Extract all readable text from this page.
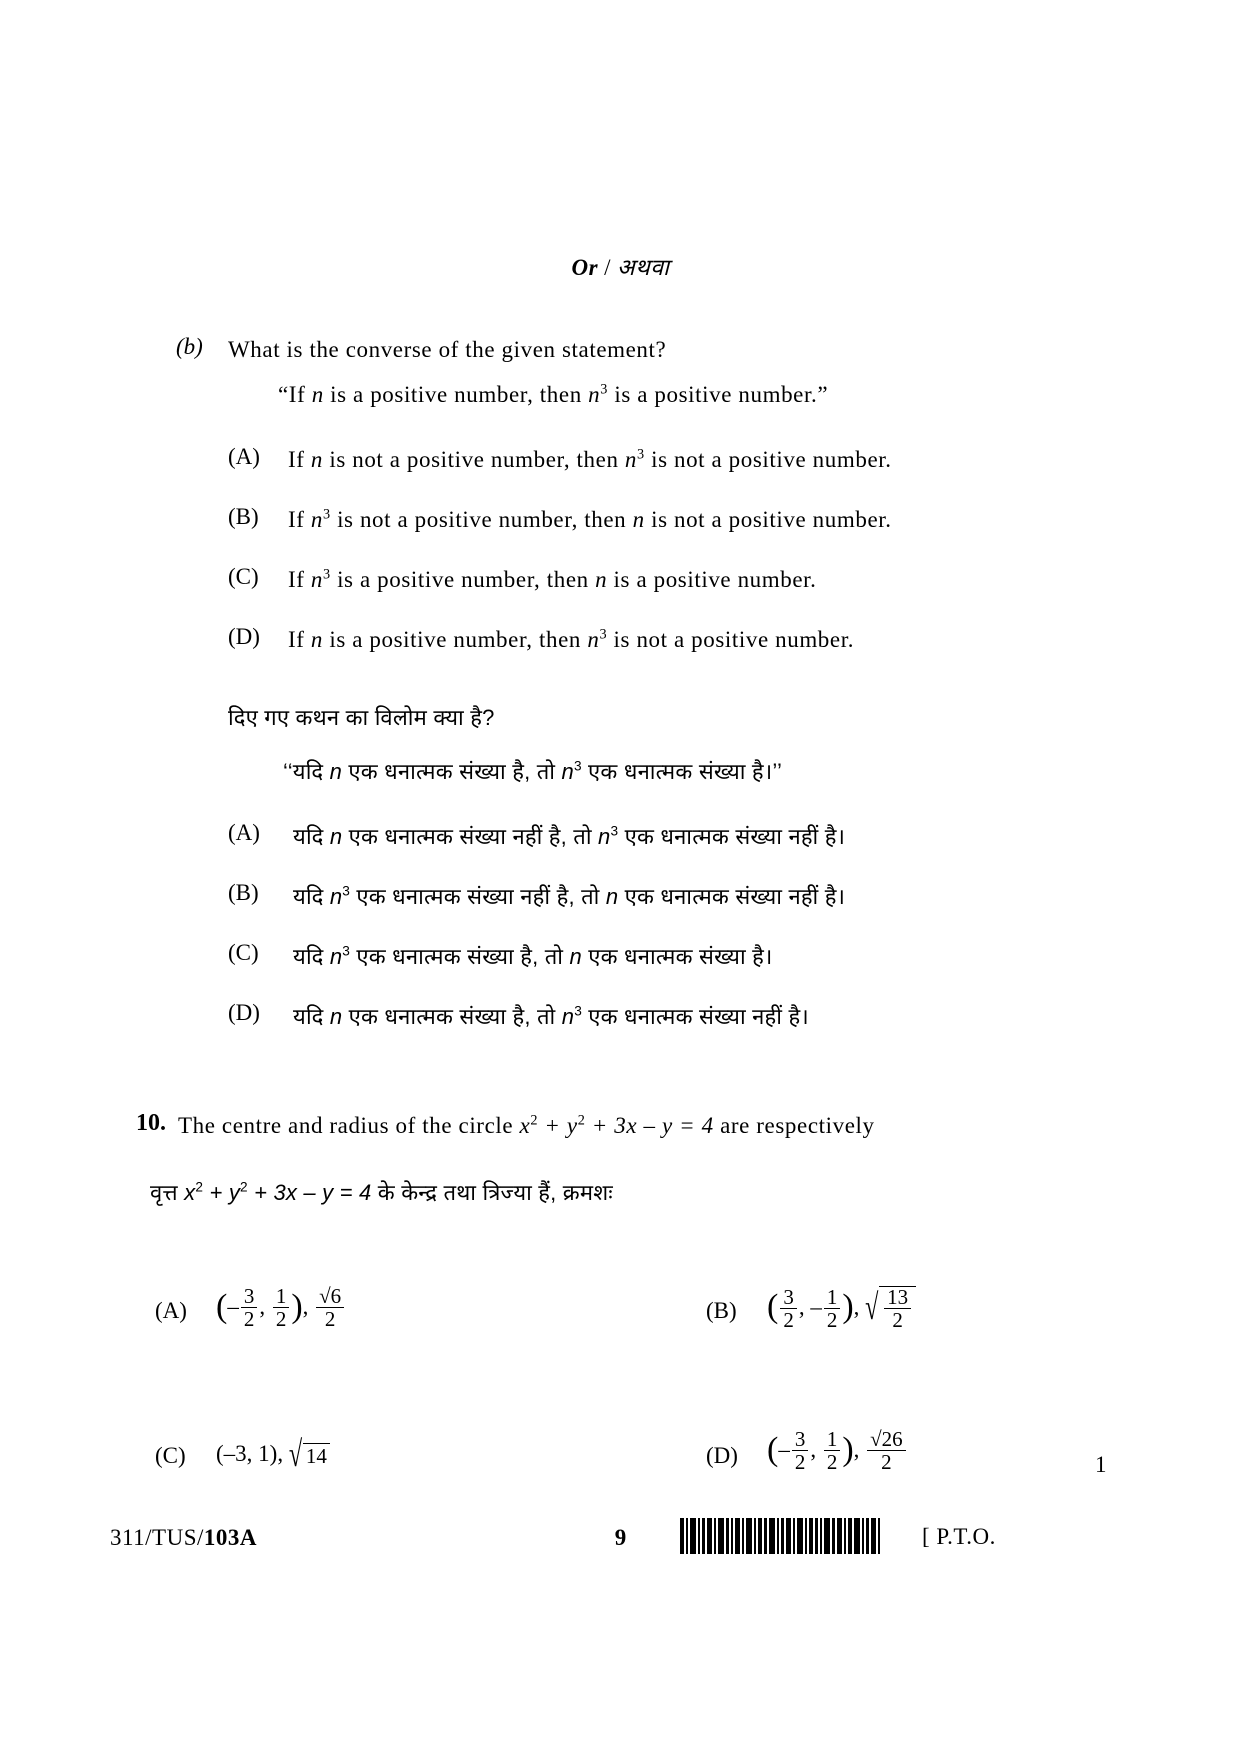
Or / अथवा
(b) What is the converse of the given statement?
“If n is a positive number, then $n^3$ is a positive number.”
(A) If n is not a positive number, then $n^3$ is not a positive number.
(B) If $n^3$ is not a positive number, then n is not a positive number.
(C) If $n^3$ is a positive number, then n is a positive number.
(D) If n is a positive number, then $n^3$ is not a positive number.
दिए गए कथन का विलोम क्या है?
‘‘यदि n एक धनात्मक संख्या है, तो $n^3$ एक धनात्मक संख्या है।’’
(A) यदि n एक धनात्मक संख्या नहीं है, तो $n^3$ एक धनात्मक संख्या नहीं है।
(B) यदि $n^3$ एक धनात्मक संख्या नहीं है, तो n एक धनात्मक संख्या नहीं है।
(C) यदि $n^3$ एक धनात्मक संख्या है, तो n एक धनात्मक संख्या है।
(D) यदि n एक धनात्मक संख्या है, तो $n^3$ एक धनात्मक संख्या नहीं है।
10. The centre and radius of the circle $x^2 + y^2 + 3x - y = 4$ are respectively
वृत्त $x^2 + y^2 + 3x - y = 4$ के केन्द्र तथा त्रिज्या हैं, क्रमशः
(A) (– $\frac{3}{2}$ , $\frac{1}{2}$ ), $\frac{√6}{2}$	(B) ( $\frac{3}{2}$ , – $\frac{1}{2}$ ), √ $\frac{13}{2}$
(C) (–3, 1), √ 14	(D) (– $\frac{3}{2}$ , $\frac{1}{2}$ ), $\frac{√26}{2}$	1
311/TUS/103A	9	[ P.T.O.
